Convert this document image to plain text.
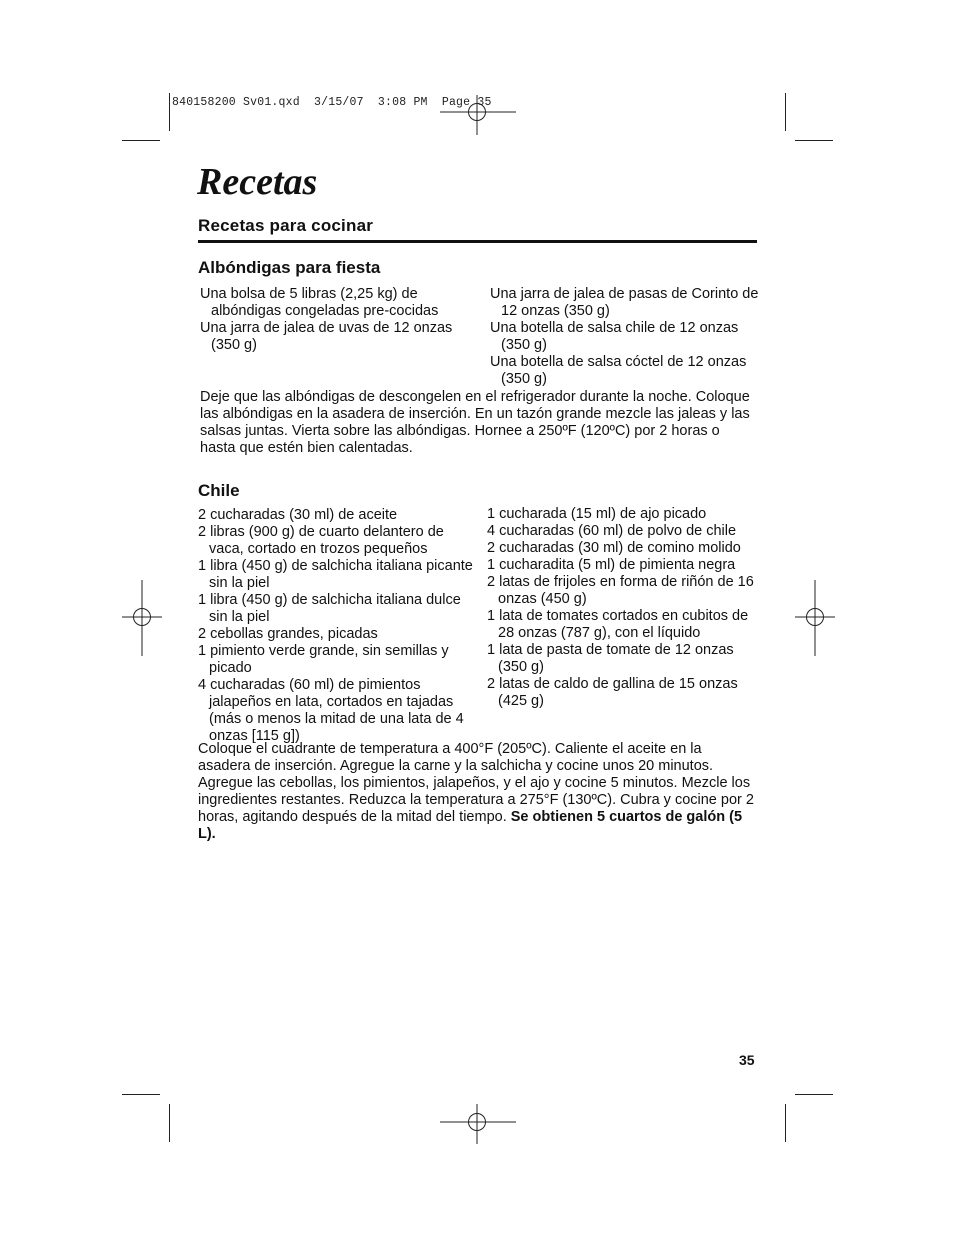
840158200 Sv01.qxd  3/15/07  3:08 PM  Page 35
Recetas
Recetas para cocinar
Albóndigas para fiesta
Una bolsa de 5 libras (2,25 kg) de albóndigas congeladas pre-cocidas
Una jarra de jalea de uvas de 12 onzas (350 g)
Una jarra de jalea de pasas de Corinto de 12 onzas (350 g)
Una botella de salsa chile de 12 onzas (350 g)
Una botella de salsa cóctel de 12 onzas (350 g)

Deje que las albóndigas de descongelen en el refrigerador durante la noche. Coloque las albóndigas en la asadera de inserción. En un tazón grande mezcle las jaleas y las salsas juntas. Vierta sobre las albóndigas. Hornee a 250ºF (120ºC) por 2 horas o hasta que estén bien calentadas.

Chile
2 cucharadas (30 ml) de aceite
2 libras (900 g) de cuarto delantero de vaca, cortado en trozos pequeños
1 libra (450 g) de salchicha italiana picante sin la piel
1 libra (450 g) de salchicha italiana dulce sin la piel
2 cebollas grandes, picadas
1 pimiento verde grande, sin semillas y picado
4 cucharadas (60 ml) de pimientos jalapeños en lata, cortados en tajadas (más o menos la mitad de una lata de 4 onzas [115 g])
1 cucharada (15 ml) de ajo picado
4 cucharadas (60 ml) de polvo de chile
2 cucharadas (30 ml) de comino molido
1 cucharadita (5 ml) de pimienta negra
2 latas de frijoles en forma de riñón de 16 onzas (450 g)
1 lata de tomates cortados en cubitos de 28 onzas (787 g), con el líquido
1 lata de pasta de tomate de 12 onzas (350 g)
2 latas de caldo de gallina de 15 onzas (425 g)

Coloque el cuadrante de temperatura a 400°F (205ºC). Caliente el aceite en la asadera de inserción. Agregue la carne y la salchicha y cocine unos 20 minutos. Agregue las cebollas, los pimientos, jalapeños, y el ajo y cocine 5 minutos. Mezcle los ingredientes restantes. Reduzca la temperatura a 275°F (130ºC). Cubra y cocine por 2 horas, agitando después de la mitad del tiempo. Se obtienen 5 cuartos de galón (5 L).

35
